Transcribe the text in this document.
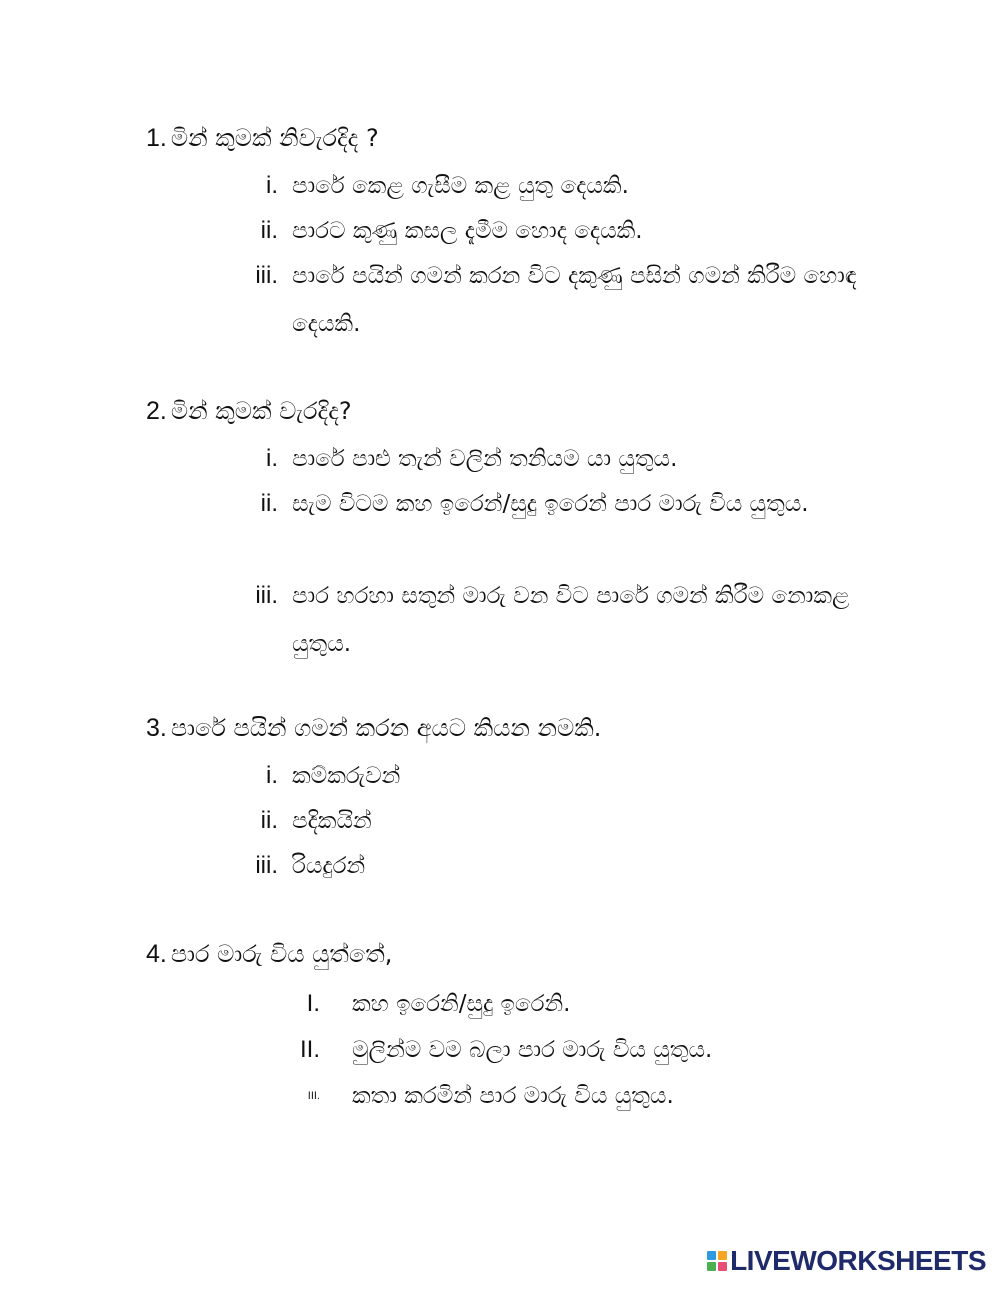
1. මින් කුමක් නිවැරදිද ?
i. පාරේ කෙළ ගැසීම කළ යුතු දෙයකි.
ii. පාරට කුණු කසල දැමීම හොද දෙයකි.
iii. පාරේ පයින් ගමන් කරන විට දකුණු පසින් ගමන් කිරීම හොඳ දෙයකි.
2. මින් කුමක් වැරදිද?
i. පාරේ පාළු තැන් වලින් තනියම යා යුතුය.
ii. සැම විටම කහ ඉරෙන්/සුදු ඉරෙන් පාර මාරු විය යුතුය.
iii. පාර හරහා සතුන් මාරු වන විට පාරේ ගමන් කිරීම නොකළ යුතුය.
3. පාරේ පයින් ගමන් කරන අයට කියන නමකි.
i. කම්කරුවන්
ii. පදිකයින්
iii. රියදුරන්
4. පාර මාරු විය යුත්තේ,
I. කහ ඉරෙනි/සුදු ඉරෙනි.
II. මුලින්ම වම බලා පාර මාරු විය යුතුය.
III. කතා කරමින් පාර මාරු විය යුතුය.
LIVEWORKSHEETS
